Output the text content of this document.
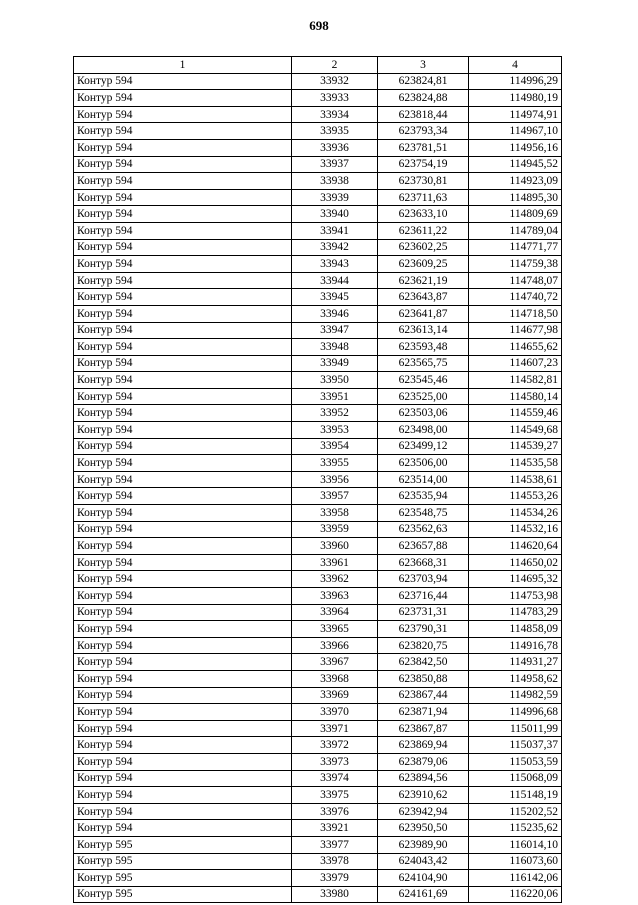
698
1	2	3	4
Контур 594	33932	623824,81	114996,29
Контур 594	33933	623824,88	114980,19
Контур 594	33934	623818,44	114974,91
Контур 594	33935	623793,34	114967,10
Контур 594	33936	623781,51	114956,16
Контур 594	33937	623754,19	114945,52
Контур 594	33938	623730,81	114923,09
Контур 594	33939	623711,63	114895,30
Контур 594	33940	623633,10	114809,69
Контур 594	33941	623611,22	114789,04
Контур 594	33942	623602,25	114771,77
Контур 594	33943	623609,25	114759,38
Контур 594	33944	623621,19	114748,07
Контур 594	33945	623643,87	114740,72
Контур 594	33946	623641,87	114718,50
Контур 594	33947	623613,14	114677,98
Контур 594	33948	623593,48	114655,62
Контур 594	33949	623565,75	114607,23
Контур 594	33950	623545,46	114582,81
Контур 594	33951	623525,00	114580,14
Контур 594	33952	623503,06	114559,46
Контур 594	33953	623498,00	114549,68
Контур 594	33954	623499,12	114539,27
Контур 594	33955	623506,00	114535,58
Контур 594	33956	623514,00	114538,61
Контур 594	33957	623535,94	114553,26
Контур 594	33958	623548,75	114534,26
Контур 594	33959	623562,63	114532,16
Контур 594	33960	623657,88	114620,64
Контур 594	33961	623668,31	114650,02
Контур 594	33962	623703,94	114695,32
Контур 594	33963	623716,44	114753,98
Контур 594	33964	623731,31	114783,29
Контур 594	33965	623790,31	114858,09
Контур 594	33966	623820,75	114916,78
Контур 594	33967	623842,50	114931,27
Контур 594	33968	623850,88	114958,62
Контур 594	33969	623867,44	114982,59
Контур 594	33970	623871,94	114996,68
Контур 594	33971	623867,87	115011,99
Контур 594	33972	623869,94	115037,37
Контур 594	33973	623879,06	115053,59
Контур 594	33974	623894,56	115068,09
Контур 594	33975	623910,62	115148,19
Контур 594	33976	623942,94	115202,52
Контур 594	33921	623950,50	115235,62
Контур 595	33977	623989,90	116014,10
Контур 595	33978	624043,42	116073,60
Контур 595	33979	624104,90	116142,06
Контур 595	33980	624161,69	116220,06
